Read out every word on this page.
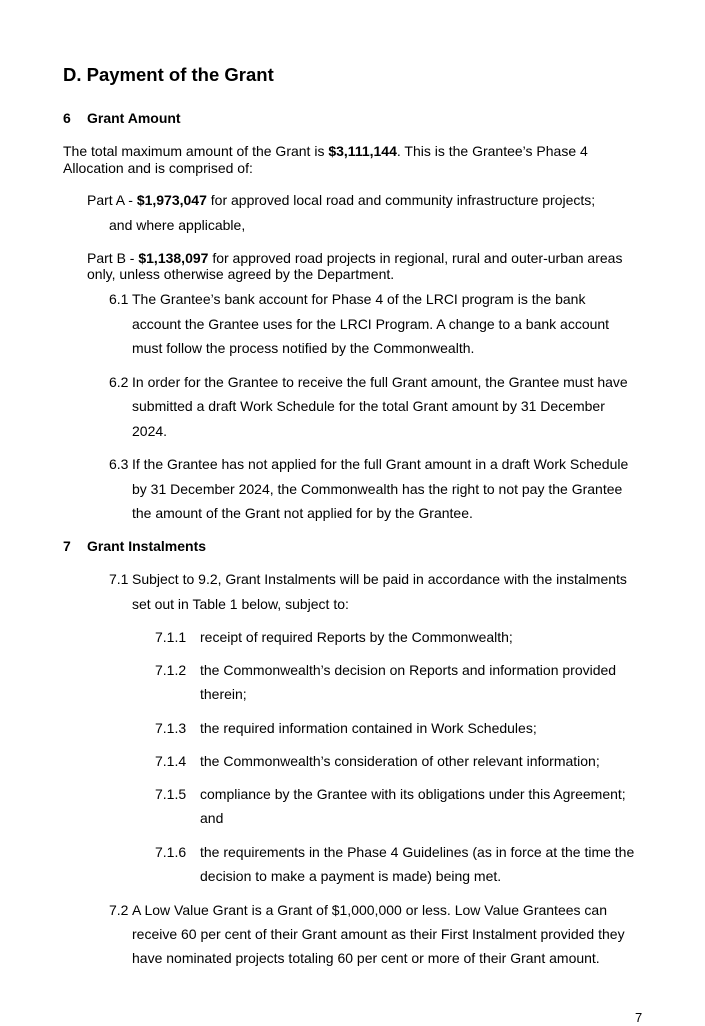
D. Payment of the Grant
6 Grant Amount
The total maximum amount of the Grant is $3,111,144. This is the Grantee’s Phase 4
Allocation and is comprised of:
Part A - $1,973,047 for approved local road and community infrastructure projects;
and where applicable,
Part B - $1,138,097 for approved road projects in regional, rural and outer-urban areas
only, unless otherwise agreed by the Department.
6.1 The Grantee’s bank account for Phase 4 of the LRCI program is the bank
account the Grantee uses for the LRCI Program. A change to a bank account
must follow the process notified by the Commonwealth.
6.2 In order for the Grantee to receive the full Grant amount, the Grantee must have
submitted a draft Work Schedule for the total Grant amount by 31 December
2024.
6.3 If the Grantee has not applied for the full Grant amount in a draft Work Schedule
by 31 December 2024, the Commonwealth has the right to not pay the Grantee
the amount of the Grant not applied for by the Grantee.
7 Grant Instalments
7.1 Subject to 9.2, Grant Instalments will be paid in accordance with the instalments
set out in Table 1 below, subject to:
7.1.1 receipt of required Reports by the Commonwealth;
7.1.2 the Commonwealth’s decision on Reports and information provided
therein;
7.1.3 the required information contained in Work Schedules;
7.1.4 the Commonwealth’s consideration of other relevant information;
7.1.5 compliance by the Grantee with its obligations under this Agreement;
and
7.1.6 the requirements in the Phase 4 Guidelines (as in force at the time the
decision to make a payment is made) being met.
7.2 A Low Value Grant is a Grant of $1,000,000 or less. Low Value Grantees can
receive 60 per cent of their Grant amount as their First Instalment provided they
have nominated projects totaling 60 per cent or more of their Grant amount.
7
